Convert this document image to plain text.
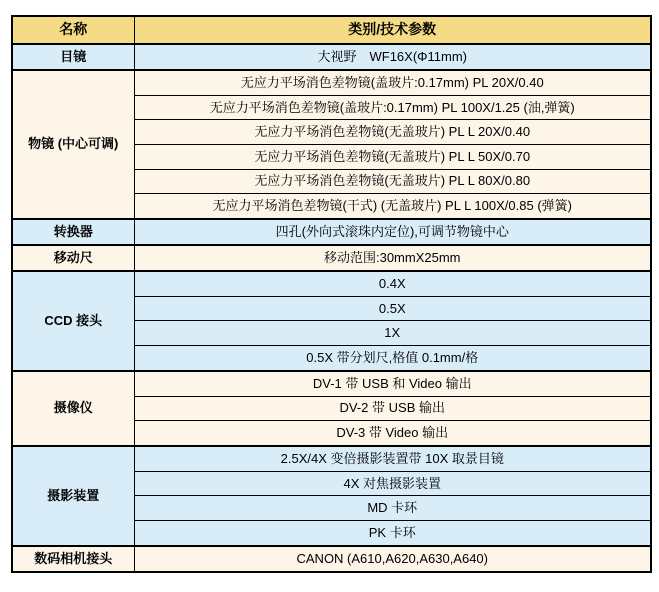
名称	类别/技术参数
目镜	大视野　WF16X(Φ11mm)
物镜 (中心可调)	无应力平场消色差物镜(盖玻片:0.17mm) PL 20X/0.40
	无应力平场消色差物镜(盖玻片:0.17mm) PL 100X/1.25 (油,弹簧)
	无应力平场消色差物镜(无盖玻片) PL L 20X/0.40
	无应力平场消色差物镜(无盖玻片) PL L 50X/0.70
	无应力平场消色差物镜(无盖玻片) PL L 80X/0.80
	无应力平场消色差物镜(干式) (无盖玻片) PL L 100X/0.85 (弹簧)
转换器	四孔(外向式滚珠内定位),可调节物镜中心
移动尺	移动范围:30mmX25mm
CCD 接头	0.4X
	0.5X
	1X
	0.5X 带分划尺,格值 0.1mm/格
摄像仪	DV-1 带 USB 和 Video 输出
	DV-2 带 USB 输出
	DV-3 带 Video 输出
摄影装置	2.5X/4X 变倍摄影装置带 10X 取景目镜
	4X 对焦摄影装置
	MD 卡环
	PK 卡环
数码相机接头	CANON (A610,A620,A630,A640)
